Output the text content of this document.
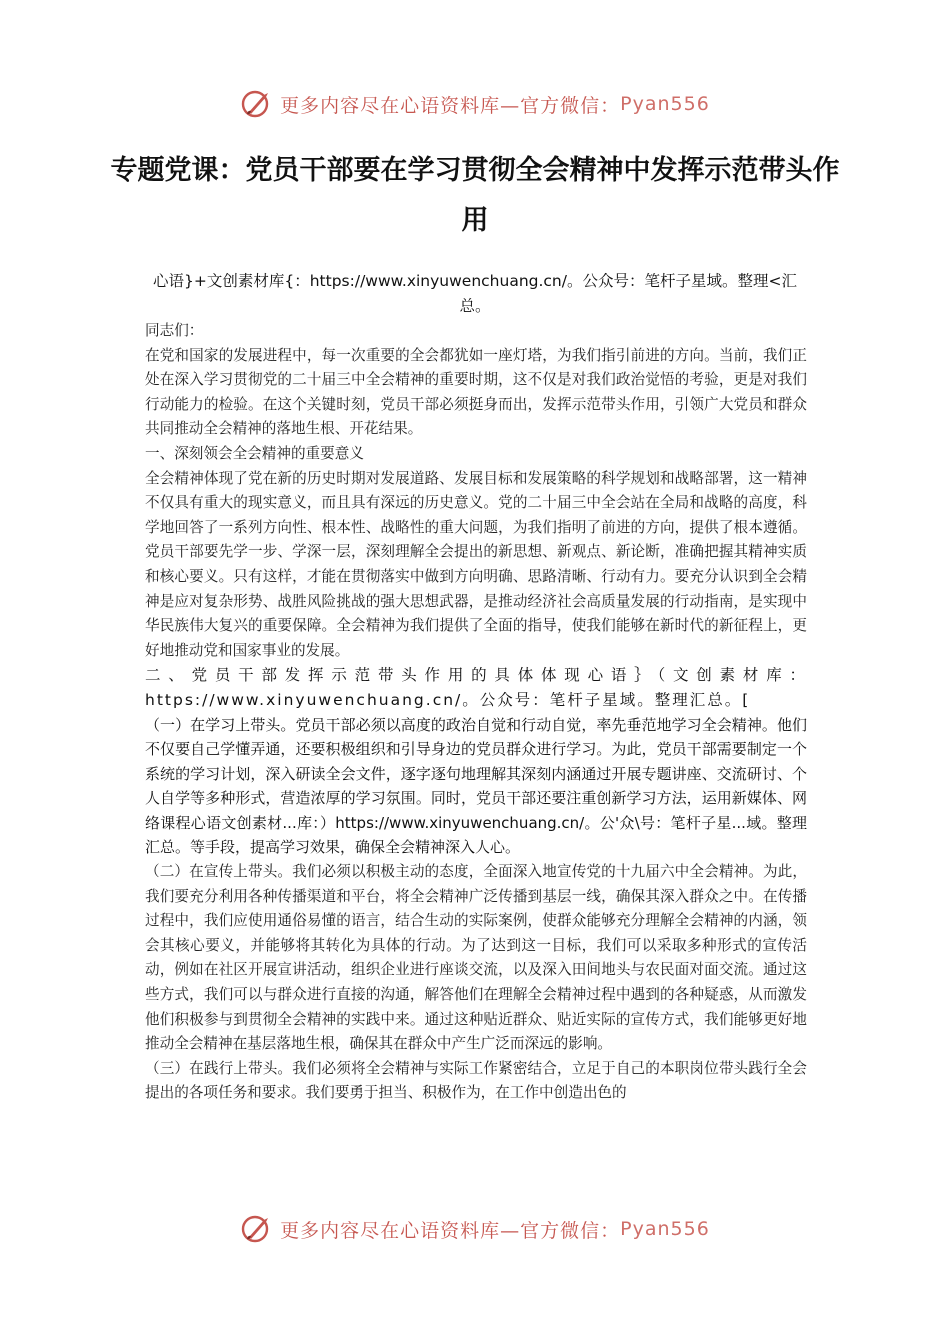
更多内容尽在心语资料库—官方微信： Pyan556
专题党课：党员干部要在学习贯彻全会精神中发挥示范带头作用
心语}+文创素材库{：https://www.xinyuwenchuang.cn/。公众号：笔杆子星域。整理<汇总。

同志们：

在党和国家的发展进程中，每一次重要的全会都犹如一座灯塔，为我们指引前进的方向。当前，我们正处在深入学习贯彻党的二十届三中全会精神的重要时期，这不仅是对我们政治觉悟的考验，更是对我们行动能力的检验。在这个关键时刻，党员干部必须挺身而出，发挥示范带头作用，引领广大党员和群众共同推动全会精神的落地生根、开花结果。

一、深刻领会全会精神的重要意义

全会精神体现了党在新的历史时期对发展道路、发展目标和发展策略的科学规划和战略部署，这一精神不仅具有重大的现实意义，而且具有深远的历史意义。党的二十届三中全会站在全局和战略的高度，科学地回答了一系列方向性、根本性、战略性的重大问题，为我们指明了前进的方向，提供了根本遵循。党员干部要先学一步、学深一层，深刻理解全会提出的新思想、新观点、新论断，准确把握其精神实质和核心要义。只有这样，才能在贯彻落实中做到方向明确、思路清晰、行动有力。要充分认识到全会精神是应对复杂形势、战胜风险挑战的强大思想武器，是推动经济社会高质量发展的行动指南，是实现中华民族伟大复兴的重要保障。全会精神为我们提供了全面的指导，使我们能够在新时代的新征程上，更好地推动党和国家事业的发展。

二、党员干部发挥示范带头作用的具体体现心语｝（文创素材库：https://www.xinyuwenchuang.cn/。公众号：笔杆子星域。整理汇总。[

（一）在学习上带头。党员干部必须以高度的政治自觉和行动自觉，率先垂范地学习全会精神。他们不仅要自己学懂弄通，还要积极组织和引导身边的党员群众进行学习。为此，党员干部需要制定一个系统的学习计划，深入研读全会文件，逐字逐句地理解其深刻内涵通过开展专题讲座、交流研讨、个人自学等多种形式，营造浓厚的学习氛围。同时，党员干部还要注重创新学习方法，运用新媒体、网络课程心语文创素材...库：）https://www.xinyuwenchuang.cn/。公'众\号：笔杆子星...域。整理汇总。等手段，提高学习效果，确保全会精神深入人心。

（二）在宣传上带头。我们必须以积极主动的态度，全面深入地宣传党的十九届六中全会精神。为此，我们要充分利用各种传播渠道和平台，将全会精神广泛传播到基层一线，确保其深入群众之中。在传播过程中，我们应使用通俗易懂的语言，结合生动的实际案例，使群众能够充分理解全会精神的内涵，领会其核心要义，并能够将其转化为具体的行动。为了达到这一目标，我们可以采取多种形式的宣传活动，例如在社区开展宣讲活动，组织企业进行座谈交流，以及深入田间地头与农民面对面交流。通过这些方式，我们可以与群众进行直接的沟通，解答他们在理解全会精神过程中遇到的各种疑惑，从而激发他们积极参与到贯彻全会精神的实践中来。通过这种贴近群众、贴近实际的宣传方式，我们能够更好地推动全会精神在基层落地生根，确保其在群众中产生广泛而深远的影响。

（三）在践行上带头。我们必须将全会精神与实际工作紧密结合，立足于自己的本职岗位带头践行全会提出的各项任务和要求。我们要勇于担当、积极作为，在工作中创造出色的

更多内容尽在心语资料库—官方微信： Pyan556
